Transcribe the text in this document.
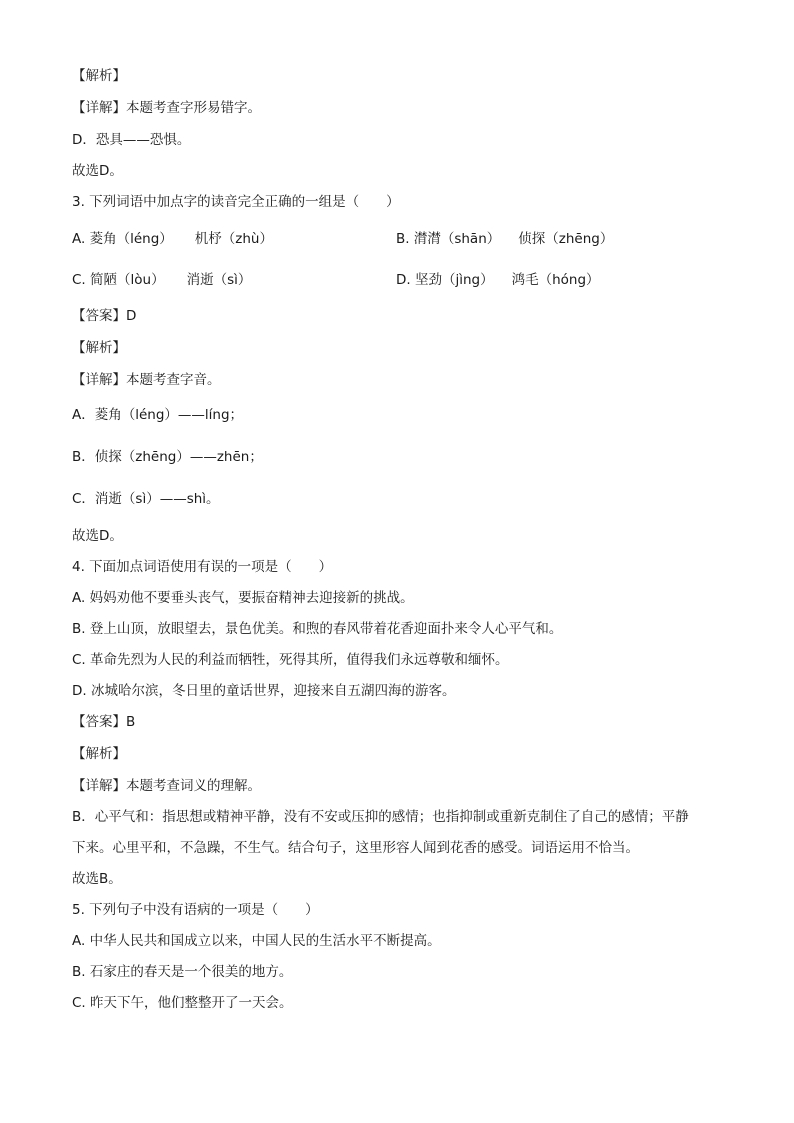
【解析】
【详解】本题考查字形易错字。
D．恐具——恐惧。
故选D。
3. 下列词语中加点字的读音完全正确的一组是（　　）
A. 菱角（léng） 机杼（zhù）	B. 潸潸（shān） 侦探（zhēng）
C. 简陋（lòu） 消逝（sì）	D. 坚劲（jìng） 鸿毛（hóng）
【答案】D
【解析】
【详解】本题考查字音。
A．菱角（léng）——líng；
B．侦探（zhēng）——zhēn；
C．消逝（sì）——shì。
故选D。
4. 下面加点词语使用有误的一项是（　　）
A. 妈妈劝他不要垂头丧气，要振奋精神去迎接新的挑战。
B. 登上山顶，放眼望去，景色优美。和煦的春风带着花香迎面扑来令人心平气和。
C. 革命先烈为人民的利益而牺牲，死得其所，值得我们永远尊敬和缅怀。
D. 冰城哈尔滨，冬日里的童话世界，迎接来自五湖四海的游客。
【答案】B
【解析】
【详解】本题考查词义的理解。
B．心平气和：指思想或精神平静，没有不安或压抑的感情；也指抑制或重新克制住了自己的感情；平静
下来。心里平和，不急躁，不生气。结合句子，这里形容人闻到花香的感受。词语运用不恰当。
故选B。
5. 下列句子中没有语病的一项是（　　）
A. 中华人民共和国成立以来，中国人民的生活水平不断提高。
B. 石家庄的春天是一个很美的地方。
C. 昨天下午，他们整整开了一天会。
